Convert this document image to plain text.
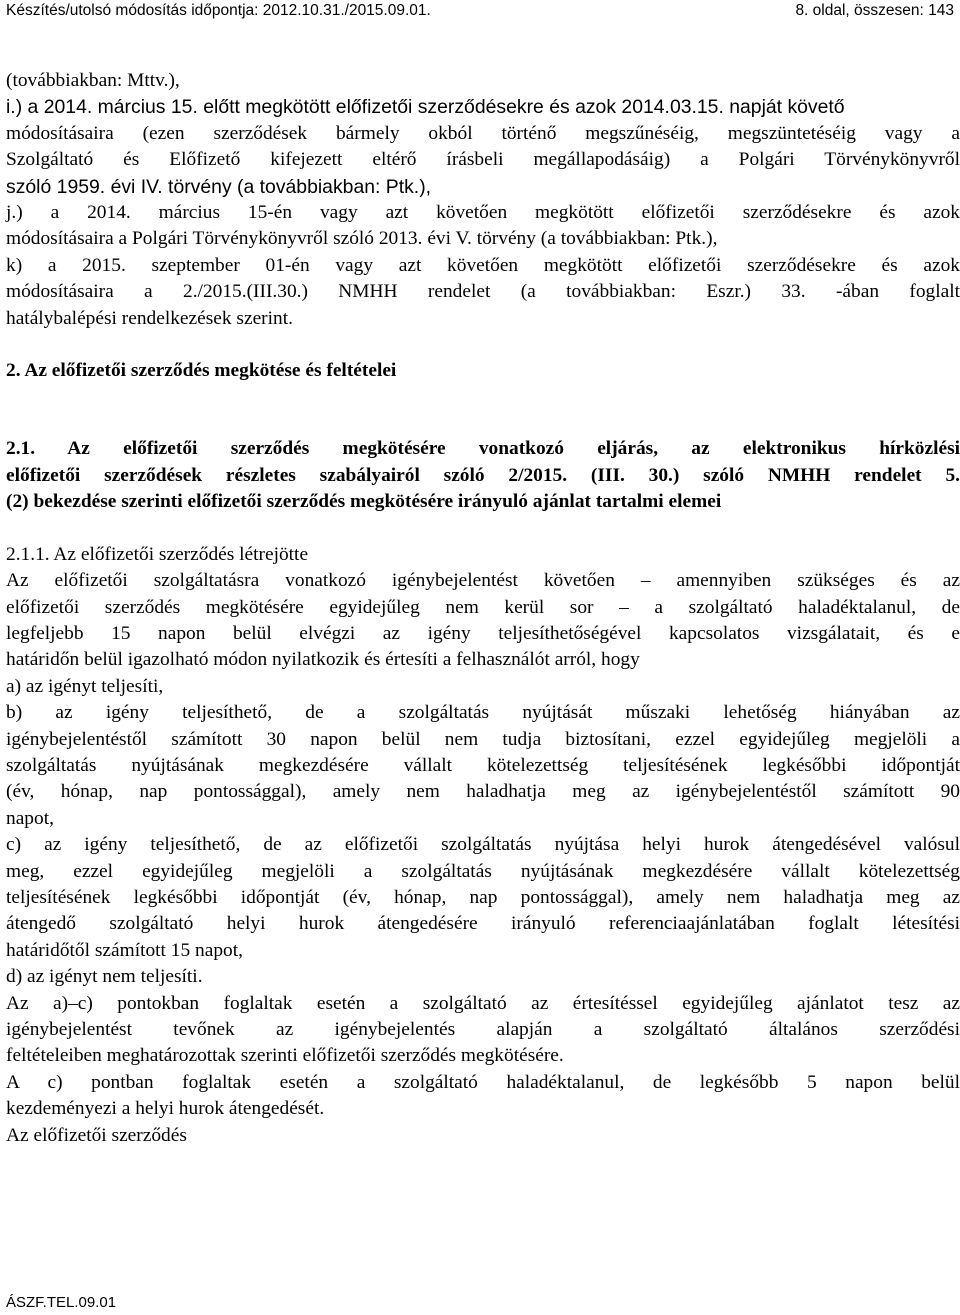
Készítés/utolsó módosítás időpontja: 2012.10.31./2015.09.01.	8. oldal, összesen: 143
(továbbiakban: Mttv.),
i.) a 2014. március 15. előtt megkötött előfizetői szerződésekre és azok 2014.03.15. napját követő
módosításaira (ezen szerződések bármely okból történő megszűnéséig, megszüntetéséig vagy a
Szolgáltató és Előfizető kifejezett eltérő írásbeli megállapodásáig) a Polgári Törvénykönyvről
szóló 1959. évi IV. törvény (a továbbiakban: Ptk.),
j.) a 2014. március 15-én vagy azt követően megkötött előfizetői szerződésekre és azok
módosításaira a Polgári Törvénykönyvről szóló 2013. évi V. törvény (a továbbiakban: Ptk.),
k) a 2015. szeptember 01-én vagy azt követően megkötött előfizetői szerződésekre és azok
módosításaira a 2./2015.(III.30.) NMHH rendelet (a továbbiakban: Eszr.) 33. -ában foglalt
hatálybalépési rendelkezések szerint.
2. Az előfizetői szerződés megkötése és feltételei
2.1. Az előfizetői szerződés megkötésére vonatkozó eljárás, az elektronikus hírközlési
előfizetői szerződések részletes szabályairól szóló 2/2015. (III. 30.) szóló NMHH rendelet 5.
(2) bekezdése szerinti előfizetői szerződés megkötésére irányuló ajánlat tartalmi elemei
2.1.1. Az előfizetői szerződés létrejötte
Az előfizetői szolgáltatásra vonatkozó igénybejelentést követően – amennyiben szükséges és az
előfizetői szerződés megkötésére egyidejűleg nem kerül sor – a szolgáltató haladéktalanul, de
legfeljebb 15 napon belül elvégzi az igény teljesíthetőségével kapcsolatos vizsgálatait, és e
határidőn belül igazolható módon nyilatkozik és értesíti a felhasználót arról, hogy
a) az igényt teljesíti,
b) az igény teljesíthető, de a szolgáltatás nyújtását műszaki lehetőség hiányában az
igénybejelentéstől számított 30 napon belül nem tudja biztosítani, ezzel egyidejűleg megjelöli a
szolgáltatás nyújtásának megkezdésére vállalt kötelezettség teljesítésének legkésőbbi időpontját
(év, hónap, nap pontossággal), amely nem haladhatja meg az igénybejelentéstől számított 90
napot,
c) az igény teljesíthető, de az előfizetői szolgáltatás nyújtása helyi hurok átengedésével valósul
meg, ezzel egyidejűleg megjelöli a szolgáltatás nyújtásának megkezdésére vállalt kötelezettség
teljesítésének legkésőbbi időpontját (év, hónap, nap pontossággal), amely nem haladhatja meg az
átengedő szolgáltató helyi hurok átengedésére irányuló referenciaajánlatában foglalt létesítési
határidőtől számított 15 napot,
d) az igényt nem teljesíti.
Az a)–c) pontokban foglaltak esetén a szolgáltató az értesítéssel egyidejűleg ajánlatot tesz az
igénybejelentést tevőnek az igénybejelentés alapján a szolgáltató általános szerződési
feltételeiben meghatározottak szerinti előfizetői szerződés megkötésére.
A c) pontban foglaltak esetén a szolgáltató haladéktalanul, de legkésőbb 5 napon belül
kezdeményezi a helyi hurok átengedését.
Az előfizetői szerződés
ÁSZF.TEL.09.01
